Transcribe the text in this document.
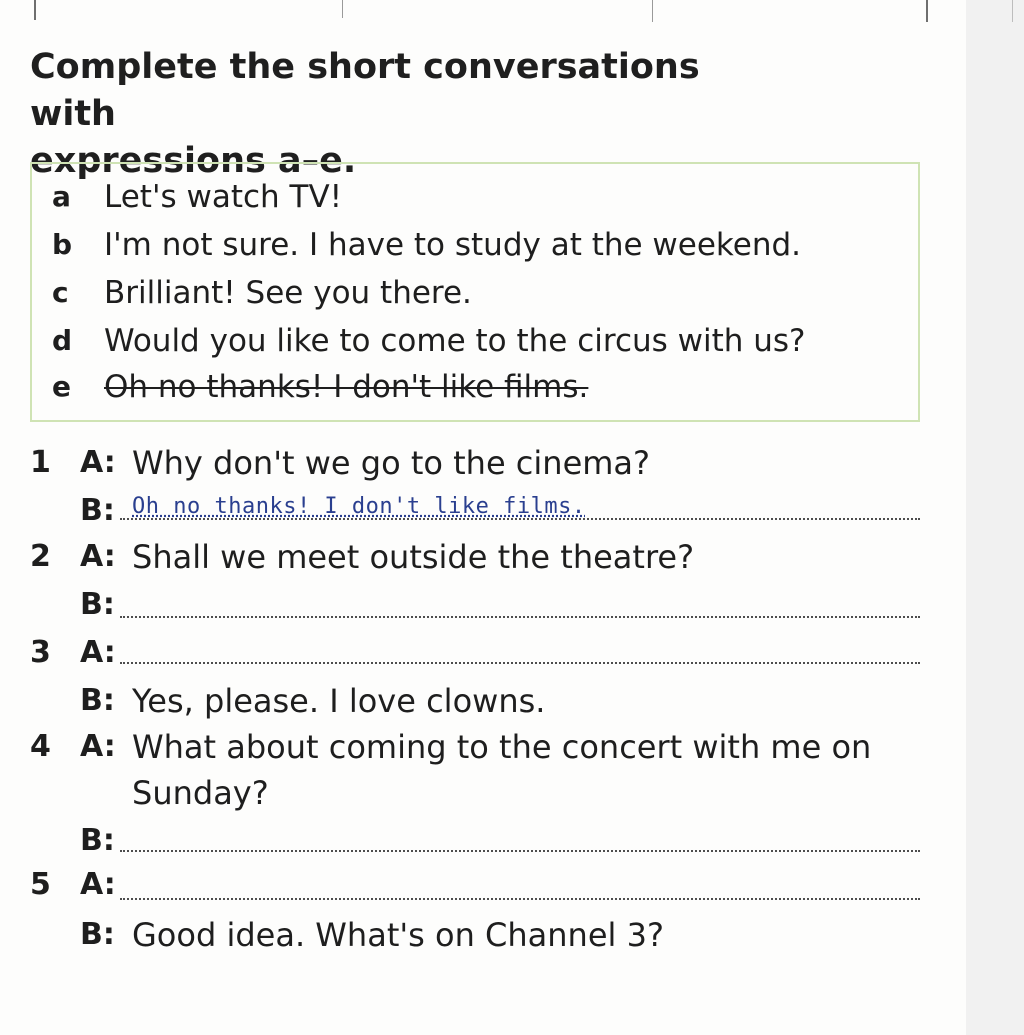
Complete the short conversations with
expressions a–e.
a	Let's watch TV!
b	I'm not sure. I have to study at the weekend.
c	Brilliant! See you there.
d	Would you like to come to the circus with us?
e	Oh no thanks! I don't like films.
1 A: Why don't we go to the cinema?
B: Oh no thanks! I don't like films.
2 A: Shall we meet outside the theatre?
B:
3 A:
B: Yes, please. I love clowns.
4 A: What about coming to the concert with me on
Sunday?
B:
5 A:
B: Good idea. What's on Channel 3?
